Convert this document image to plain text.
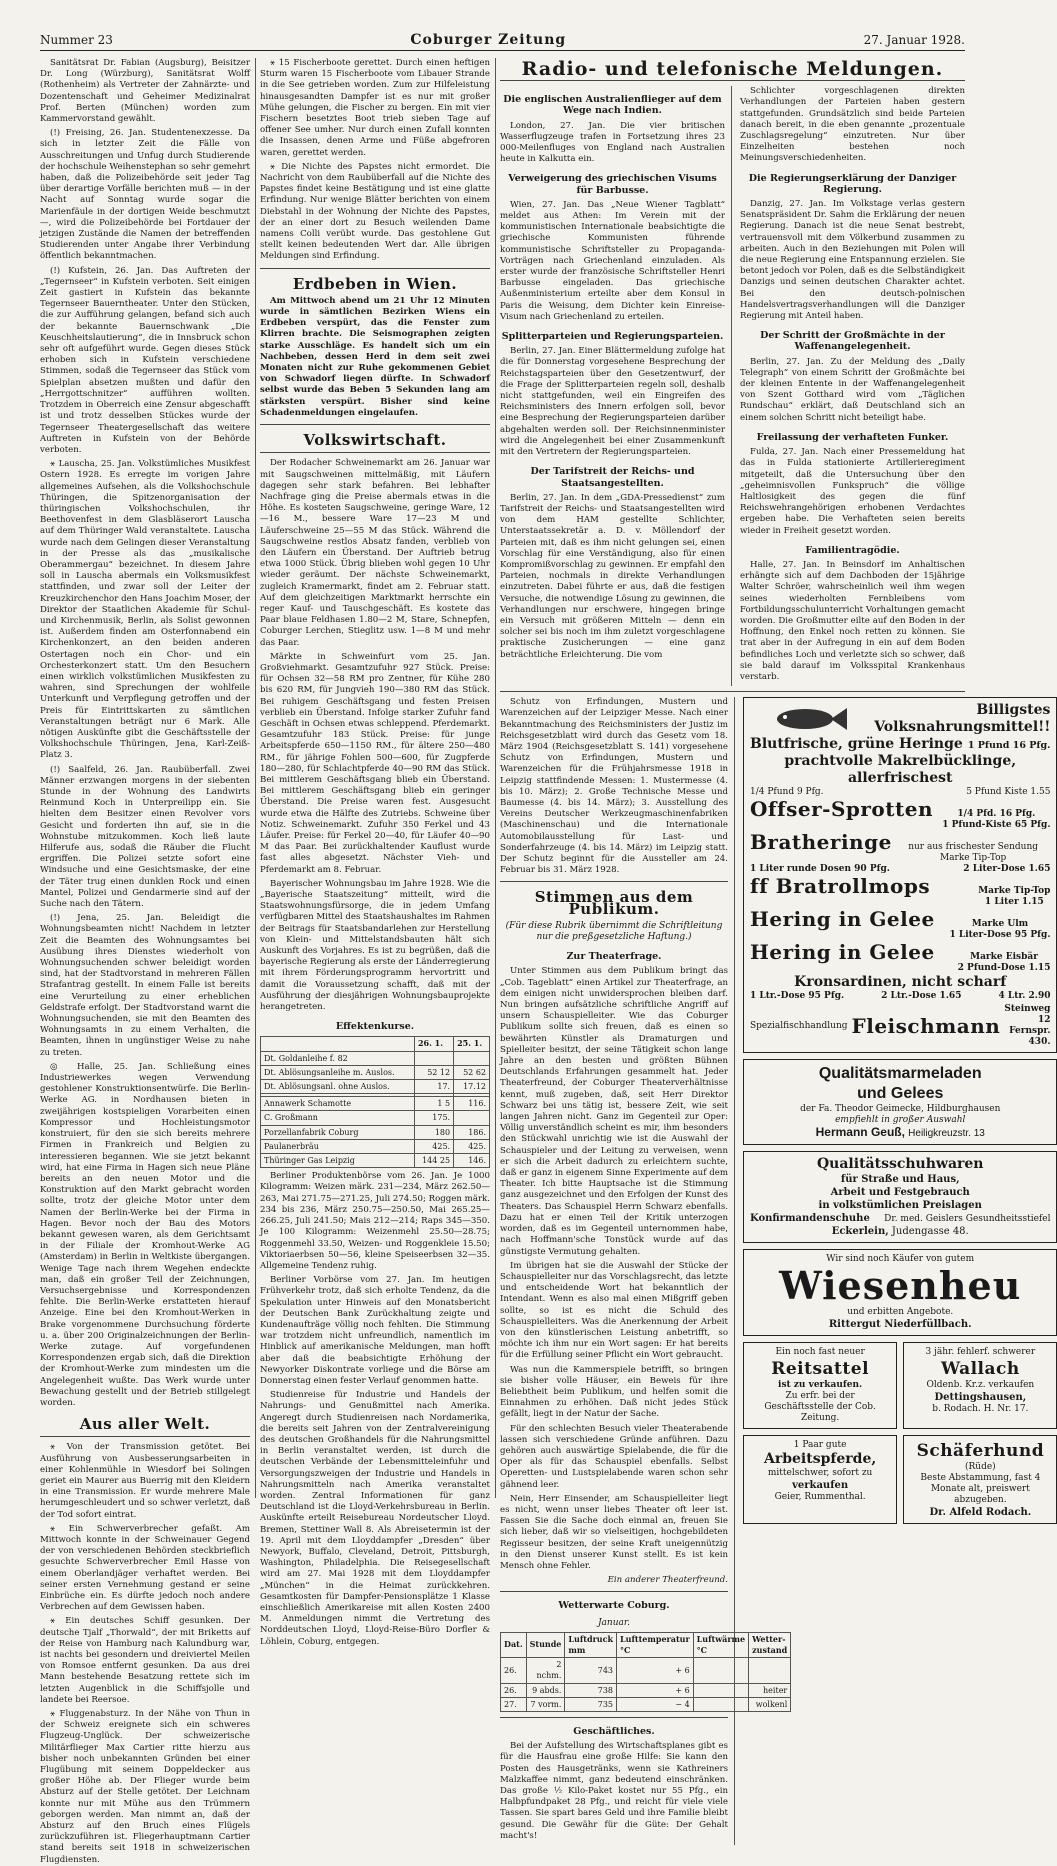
Nummer 23	Coburger Zeitung	27. Januar 1928.

Sanitätsrat Dr. Fabian (Augsburg), Beisitzer Dr. Long (Würzburg), Sanitätsrat Wolff (Rothenheim) als Vertreter der Zahnärzte- und Dozentenschaft und Geheimer Medizinalrat Prof. Berten (München) worden zum Kammervorstand gewählt.

(!) Freising, 26. Jan. Studentenexzesse. Da sich in letzter Zeit die Fälle von Ausschreitungen und Unfug durch Studierende der hochschule Weihenstephan so sehr gemehrt haben, daß die Polizeibehörde seit jeder Tag über derartige Vorfälle berichten muß — in der Nacht auf Sonntag wurde sogar die Marienfäule in der dortigen Weide beschmutzt —, wird die Polizeibehörde bei Fortdauer der jetzigen Zustände die Namen der betreffenden Studierenden unter Angabe ihrer Verbindung öffentlich bekanntmachen.

(!) Kufstein, 26. Jan. Das Auftreten der „Tegernseer“ in Kufstein verboten. Seit einigen Zeit gastiert in Kufstein das bekannte Tegernseer Bauerntheater. Unter den Stücken, die zur Aufführung gelangen, befand sich auch der bekannte Bauernschwank „Die Keuschheitslautierung“, die in Innsbruck schon sehr oft aufgeführt wurde. Gegen dieses Stück erhoben sich in Kufstein verschiedene Stimmen, sodaß die Tegernseer das Stück vom Spielplan absetzen mußten und dafür den „Herrgottschnitzer“ aufführen wollten. Trotzdem in Oberreich eine Zensur abgeschafft ist und trotz desselben Stückes wurde der Tegernseer Theatergesellschaft das weitere Auftreten in Kufstein von der Behörde verboten.

⚹ Lauscha, 25. Jan. Volkstümliches Musikfest Ostern 1928. Es erregte im vorigen Jahre allgemeines Aufsehen, als die Volkshochschule Thüringen, die Spitzenorganisation der thüringischen Volkshochschulen, ihr Beethovenfest in dem Glasbläserort Lauscha auf dem Thüringer Wald veranstaltete. Lauscha wurde nach dem Gelingen dieser Veranstaltung in der Presse als das „musikalische Oberammergau“ bezeichnet. In diesem Jahre soll in Lauscha abermals ein Volksmusikfest stattfinden, und zwar soll der Leiter der Kreuzkirchenchor den Hans Joachim Moser, der Direktor der Staatlichen Akademie für Schul- und Kirchenmusik, Berlin, als Solist gewonnen ist. Außerdem finden am Osterfonnabend ein Kirchenkonzert, an den beiden anderen Ostertagen noch ein Chor- und ein Orchesterkonzert statt. Um den Besuchern einen wirklich volkstümlichen Musikfesten zu wahren, sind Sprechungen der wohlfeile Unterkunft und Verpflegung getroffen und der Preis für Eintrittskarten zu sämtlichen Veranstaltungen beträgt nur 6 Mark. Alle nötigen Auskünfte gibt die Geschäftsstelle der Volkshochschule Thüringen, Jena, Karl-Zeiß-Platz 3.

(!) Saalfeld, 26. Jan. Raubüberfall. Zwei Männer erzwangen morgens in der siebenten Stunde in der Wohnung des Landwirts Reinmund Koch in Unterpreilipp ein. Sie hielten dem Besitzer einen Revolver vors Gesicht und forderten ihn auf, sie in die Wohnstube mitzukommen. Koch ließ laute Hilferufe aus, sodaß die Räuber die Flucht ergriffen. Die Polizei setzte sofort eine Windsuche und eine Gesichtsmaske, der eine der Täter trug einen dunklen Rock und einen Mantel, Polizei und Gendarmerie sind auf der Suche nach den Tätern.

(!) Jena, 25. Jan. Beleidigt die Wohnungsbeamten nicht! Nachdem in letzter Zeit die Beamten des Wohnungsamtes bei Ausübung ihres Dienstes wiederholt von Wohnungsuchenden schwer beleidigt worden sind, hat der Stadtvorstand in mehreren Fällen Strafantrag gestellt. In einem Falle ist bereits eine Verurteilung zu einer erheblichen Geldstrafe erfolgt. Der Stadtvorstand warnt die Wohnungsuchenden, sie mit den Beamten des Wohnungsamts in zu einem Verhalten, die Beamten, ihnen in ungünstiger Weise zu nahe zu treten.

◎ Halle, 25. Jan. Schließung eines Industriewerkes wegen Verwendung gestohlener Konstruktionsentwürfe. Die Berlin-Werke AG. in Nordhausen bieten in zweijährigen kostspieligen Vorarbeiten einen Kompressor und Hochleistungsmotor konstruiert, für den sie sich bereits mehrere Firmen in Frankreich und Belgien zu interessieren begannen. Wie sie jetzt bekannt wird, hat eine Firma in Hagen sich neue Pläne bereits an den neuen Motor und die Konstruktion auf den Markt gebracht worden sollte, trotz der gleiche Motor unter dem Namen der Berlin-Werke bei der Firma in Hagen. Bevor noch der Bau des Motors bekannt gewesen waren, als dem Gerichtsamt in der Filiale der Kromhout-Werke AG (Amsterdam) in Berlin in Weltkiste übergangen. Wenige Tage nach ihrem Wegehen endeckte man, daß ein großer Teil der Zeichnungen, Versuchsergebnisse und Korrespondenzen fehlte. Die Berlin-Werke erstatteten hierauf Anzeige. Eine bei den Kromhout-Werken in Brake vorgenommene Durchsuchung förderte u. a. über 200 Originalzeichnungen der Berlin-Werke zutage. Auf vorgefundenen Korrespondenzen ergab sich, daß die Direktion der Kromhout-Werke zum mindesten um die Angelegenheit wußte. Das Werk wurde unter Bewachung gestellt und der Betrieb stillgelegt worden.

Aus aller Welt.

⚹ Von der Transmission getötet. Bei Ausführung von Ausbesserungsarbeiten in einer Kohlenmühle in Wiesdorf bei Solingen geriet ein Maurer aus Buerrig mit den Kleidern in eine Transmission. Er wurde mehrere Male herumgeschleudert und so schwer verletzt, daß der Tod sofort eintrat.

⚹ Ein Schwerverbrecher gefaßt. Am Mittwoch konnte in der Schweinauer Gegend der von verschiedenen Behörden steckbrieflich gesuchte Schwerverbrecher Emil Hasse von einem Oberlandjäger verhaftet werden. Bei seiner ersten Vernehmung gestand er seine Einbrüche ein. Es dürfte jedoch noch andere Verbrechen auf dem Gewissen haben.

⚹ Ein deutsches Schiff gesunken. Der deutsche Tjalf „Thorwald“, der mit Briketts auf der Reise von Hamburg nach Kalundburg war, ist nachts bei gesondern und dreiviertel Meilen von Romsoe entfernt gesunken. Da aus drei Mann bestehende Besatzung rettete sich im letzten Augenblick in die Schiffsjolle und landete bei Reersoe.

⚹ Fluggenabsturz. In der Nähe von Thun in der Schweiz ereignete sich ein schweres Flugzeug-Unglück. Der schweizerische Militärflieger Max Cartier ritte hierzu aus bisher noch unbekannten Gründen bei einer Flugübung mit seinem Doppeldecker aus großer Höhe ab. Der Flieger wurde beim Absturz auf der Stelle getötet. Der Leichnam konnte nur mit Mühe aus den Trümmern geborgen werden. Man nimmt an, daß der Absturz auf den Bruch eines Flügels zurückzuführen ist. Fliegerhauptmann Cartier stand bereits seit 1918 in schweizerischen Flugdiensten.

⚹ 15 Fischerboote gerettet. Durch einen heftigen Sturm waren 15 Fischerboote vom Libauer Strande in die See getrieben worden. Zum zur Hilfeleistung hinausgesandten Dampfer ist es nur mit großer Mühe gelungen, die Fischer zu bergen. Ein mit vier Fischern besetztes Boot trieb sieben Tage auf offener See umher. Nur durch einen Zufall konnten die Insassen, denen Arme und Füße abgefroren waren, gerettet werden.

⚹ Die Nichte des Papstes nicht ermordet. Die Nachricht von dem Raubüberfall auf die Nichte des Papstes findet keine Bestätigung und ist eine glatte Erfindung. Nur wenige Blätter berichten von einem Diebstahl in der Wohnung der Nichte des Papstes, der an einer dort zu Besuch weilenden Dame namens Colli verübt wurde. Das gestohlene Gut stellt keinen bedeutenden Wert dar. Alle übrigen Meldungen sind Erfindung.

Erdbeben in Wien.

Am Mittwoch abend um 21 Uhr 12 Minuten wurde in sämtlichen Bezirken Wiens ein Erdbeben verspürt, das die Fenster zum Klirren brachte. Die Seismographen zeigten starke Ausschläge. Es handelt sich um ein Nachbeben, dessen Herd in dem seit zwei Monaten nicht zur Ruhe gekommenen Gebiet von Schwadorf liegen dürfte. In Schwadorf selbst wurde das Beben 5 Sekunden lang am stärksten verspürt. Bisher sind keine Schadenmeldungen eingelaufen.

Volkswirtschaft.

Der Rodacher Schweinemarkt am 26. Januar war mit Saugschweinen mittelmäßig, mit Läufern dagegen sehr stark befahren. Bei lebhafter Nachfrage ging die Preise abermals etwas in die Höhe. Es kosteten Saugschweine, geringe Ware, 12—16 M., bessere Ware 17—23 M und Läuferschweine 25—55 M das Stück. Während die Saugschweine restlos Absatz fanden, verblieb von den Läufern ein Überstand. Der Auftrieb betrug etwa 1000 Stück. Übrig blieben wohl gegen 10 Uhr wieder geräumt. Der nächste Schweinemarkt, zugleich Kramermarkt, findet am 2. Februar statt. Auf dem gleichzeitigen Marktmarkt herrschte ein reger Kauf- und Tauschgeschäft. Es kostete das Paar blaue Feldhasen 1.80—2 M, Stare, Schnepfen, Coburger Lerchen, Stieglitz usw. 1—8 M und mehr das Paar.

Märkte in Schweinfurt vom 25. Jan. Großviehmarkt. Gesamtzufuhr 927 Stück. Preise: für Ochsen 32—58 RM pro Zentner, für Kühe 280 bis 620 RM, für Jungvieh 190—380 RM das Stück. Bei ruhigem Geschäftsgang und festen Preisen verblieb ein Überstand. Infolge starker Zufuhr fand Geschäft in Ochsen etwas schleppend. Pferdemarkt. Gesamtzufuhr 183 Stück. Preise: für junge Arbeitspferde 650—1150 RM., für ältere 250—480 RM., für jährige Fohlen 500—600, für Zugpferde 180—280, für Schlachtpferde 40—90 RM das Stück. Bei mittlerem Geschäftsgang blieb ein Überstand. Bei mittlerem Geschäftsgang blieb ein geringer Überstand. Die Preise waren fest. Ausgesucht wurde etwa die Hälfte des Zutriebs. Schweine über Notiz. Schweinemarkt. Zufuhr 350 Ferkel und 43 Läufer. Preise: für Ferkel 20—40, für Läufer 40—90 M das Paar. Bei zurückhaltender Kauflust wurde fast alles abgesetzt. Nächster Vieh- und Pferdemarkt am 8. Februar.

Bayerischer Wohnungsbau im Jahre 1928. Wie die „Bayerische Staatszeitung“ mitteilt, wird die Staatswohnungsfürsorge, die in jedem Umfang verfügbaren Mittel des Staatshaushaltes im Rahmen der Beitrags für Staatsbandarlehen zur Herstellung von Klein- und Mittelstandsbauten hält sich Auskunft des Vorjahres. Es ist zu begrüßen, daß die bayerische Regierung als erste der Länderregierung mit ihrem Förderungsprogramm hervortritt und damit die Voraussetzung schafft, daß mit der Ausführung der diesjährigen Wohnungsbauprojekte herangetreten.

Effektenkurse.
	26. 1.	25. 1.
Dt. Goldanleihe f. 82		
Dt. Ablösungsanleihe m. Auslos.	52 12	52 62
Dt. Ablösungsanl. ohne Auslos.	17.	17.12

Annawerk Schamotte	1 5	116.
C. Großmann	175.	
Porzellanfabrik Coburg	180	186.
Paulanerbräu	425.	425.
Thüringer Gas Leipzig	144 25	146.

Berliner Produktenbörse vom 26. Jan. Je 1000 Kilogramm: Weizen märk. 231—234, März 262.50—263, Mai 271.75—271.25, Juli 274.50; Roggen märk. 234 bis 236, März 250.75—250.50, Mai 265.25—266.25, Juli 241.50; Mais 212—214; Raps 345—350. Je 100 Kilogramm: Weizenmehl 25.50—28.75; Roggenmehl 33.50, Weizen- und Roggenkleie 15.50; Viktoriaerbsen 50—56, kleine Speiseerbsen 32—35. Allgemeine Tendenz ruhig.

Berliner Vorbörse vom 27. Jan. Im heutigen Frühverkehr trotz, daß sich erholte Tendenz, da die Spekulation unter Hinweis auf den Monatsbericht der Deutschen Bank Zurückhaltung zeigte und Kundenaufträge völlig noch fehlten. Die Stimmung war trotzdem nicht unfreundlich, namentlich im Hinblick auf amerikanische Meldungen, man hofft aber daß die beabsichtigte Erhöhung der Newyorker Diskontrate vorliege und die Börse am Donnerstag einen fester Verlauf genommen hatte.

Studienreise für Industrie und Handels der Nahrungs- und Genußmittel nach Amerika. Angeregt durch Studienreisen nach Nordamerika, die bereits seit Jahren von der Zentralvereinigung des deutschen Großhandels für die Nahrungsmittel in Berlin veranstaltet werden, ist durch die deutschen Verbände der Lebensmitteleinfuhr und Versorgungszweigen der Industrie und Handels in Nahrungsmitteln nach Amerika veranstaltet worden. Zentral Informationen für ganz Deutschland ist die Lloyd-Verkehrsbureau in Berlin. Auskünfte erteilt Reisebureau Nordeutscher Lloyd. Bremen, Stettiner Wall 8. Als Abreisetermin ist der 19. April mit dem Lloyddampfer „Dresden“ über Newyork, Buffalo, Cleveland, Detroit, Pittsburgh, Washington, Philadelphia. Die Reisegesellschaft wird am 27. Mai 1928 mit dem Lloyddampfer „München“ in die Heimat zurückkehren. Gesamtkosten für Dampfer-Pensionsplätze 1 Klasse einschließlich Amerikareise mit allen Kosten 2400 M. Anmeldungen nimmt die Vertretung des Norddeutschen Lloyd, Lloyd-Reise-Büro Dorfler & Löhlein, Coburg, entgegen.

Radio- und telefonische Meldungen.
Die englischen Australienflieger auf dem Wege nach Indien.

London, 27. Jan. Die vier britischen Wasserflugzeuge trafen in Fortsetzung ihres 23 000-Meilenfluges von England nach Australien heute in Kalkutta ein.

Verweigerung des griechischen Visums für Barbusse.

Wien, 27. Jan. Das „Neue Wiener Tagblatt“ meldet aus Athen: Im Verein mit der kommunistischen Internationale beabsichtigte die griechische Kommunisten führende kommunistische Schriftsteller zu Propaganda-Vorträgen nach Griechenland einzuladen. Als erster wurde der französische Schriftsteller Henri Barbusse eingeladen. Das griechische Außenministerium erteilte aber dem Konsul in Paris die Weisung, dem Dichter kein Einreise-Visum nach Griechenland zu erteilen.

Splitterparteien und Regierungsparteien.

Berlin, 27. Jan. Einer Blättermeldung zufolge hat die für Donnerstag vorgesehene Besprechung der Reichstagsparteien über den Gesetzentwurf, der die Frage der Splitterparteien regeln soll, deshalb nicht stattgefunden, weil ein Eingreifen des Reichsministers des Innern erfolgen soll, bevor eine Besprechung der Regierungsparteien darüber abgehalten werden soll. Der Reichsinnenminister wird die Angelegenheit bei einer Zusammenkunft mit den Vertretern der Regierungsparteien.

Der Tarifstreit der Reichs- und Staatsangestellten.

Berlin, 27. Jan. In dem „GDA-Pressedienst“ zum Tarifstreit der Reichs- und Staatsangestellten wird von dem HAM gestellte Schlichter, Unterstaatssekretär a. D. v. Möllendorf der Parteien mit, daß es ihm nicht gelungen sei, einen Vorschlag für eine Verständigung, also für einen Kompromißvorschlag zu gewinnen. Er empfahl den Parteien, nochmals in direkte Verhandlungen einzutreten. Dabei führte er aus, daß die festigen Versuche, die notwendige Lösung zu gewinnen, die Verhandlungen nur erschwere, hingegen bringe ein Versuch mit größeren Mitteln — denn ein solcher sei bis noch im ihm zuletzt vorgeschlagene praktische Zusicherungen — eine ganz beträchtliche Erleichterung. Die vom

Schlichter vorgeschlagenen direkten Verhandlungen der Parteien haben gestern stattgefunden. Grundsätzlich sind beide Parteien danach bereit, in die eben genannte „prozentuale Zuschlagsregelung“ einzutreten. Nur über Einzelheiten bestehen noch Meinungsverschiedenheiten.

Die Regierungserklärung der Danziger Regierung.

Danzig, 27. Jan. Im Volkstage verlas gestern Senatspräsident Dr. Sahm die Erklärung der neuen Regierung. Danach ist die neue Senat bestrebt, vertrauensvoll mit dem Völkerbund zusammen zu arbeiten. Auch in den Beziehungen mit Polen will die neue Regierung eine Entspannung erzielen. Sie betont jedoch vor Polen, daß es die Selbständigkeit Danzigs und seinen deutschen Charakter achtet. Bei den deutsch-polnischen Handelsvertragsverhandlungen will die Danziger Regierung mit Anteil haben.

Der Schritt der Großmächte in der Waffenangelegenheit.

Berlin, 27. Jan. Zu der Meldung des „Daily Telegraph“ von einem Schritt der Großmächte bei der kleinen Entente in der Waffenangelegenheit von Szent Gotthard wird vom „Täglichen Rundschau“ erklärt, daß Deutschland sich an einem solchen Schritt nicht beteiligt habe.

Freilassung der verhafteten Funker.

Fulda, 27. Jan. Nach einer Pressemeldung hat das in Fulda stationierte Artillerieregiment mitgeteilt, daß die Untersuchung über den „geheimnisvollen Funkspruch“ die völlige Haltlosigkeit des gegen die fünf Reichswehrangehörigen erhobenen Verdachtes ergeben habe. Die Verhafteten seien bereits wieder in Freiheit gesetzt worden.

Familientragödie.

Halle, 27. Jan. In Beinsdorf im Anhaltischen erhängte sich auf dem Dachboden der 15jährige Walter Schröer, wahrscheinlich weil ihm wegen seines wiederholten Fernbleibens vom Fortbildungsschulunterricht Vorhaltungen gemacht worden. Die Großmutter eilte auf den Boden in der Hoffnung, den Enkel noch retten zu können. Sie trat aber in der Aufregung in ein auf dem Boden befindliches Loch und verletzte sich so schwer, daß sie bald darauf im Volksspital Krankenhaus verstarb.

Schutz von Erfindungen, Mustern und Warenzeichen auf der Leipziger Messe. Nach einer Bekanntmachung des Reichsministers der Justiz im Reichsgesetzblatt wird durch das Gesetz vom 18. März 1904 (Reichsgesetzblatt S. 141) vorgesehene Schutz von Erfindungen, Mustern und Warenzeichen für die Frühjahrsmesse 1918 in Leipzig stattfindende Messen: 1. Mustermesse (4. bis 10. März); 2. Große Technische Messe und Baumesse (4. bis 14. März); 3. Ausstellung des Vereins Deutscher Werkzeugmaschinenfabriken (Maschinenschau) und die Internationale Automobilausstellung für Last- und Sonderfahrzeuge (4. bis 14. März) im Leipzig statt. Der Schutz beginnt für die Aussteller am 24. Februar bis 31. März 1928.

Stimmen aus dem Publikum.
(Für diese Rubrik übernimmt die Schriftleitung nur die preßgesetzliche Haftung.)
Zur Theaterfrage.

Unter Stimmen aus dem Publikum bringt das „Cob. Tageblatt“ einen Artikel zur Theaterfrage, an dem einigen nicht unwidersprochen bleiben darf. Nun bringen aufsätzliche schriftliche Angriff auf unsern Schauspielleiter. Wie das Coburger Publikum sollte sich freuen, daß es einen so bewährten Künstler als Dramaturgen und Spielleiter besitzt, der seine Tätigkeit schon lange Jahre an den besten und größten Bühnen Deutschlands Erfahrungen gesammelt hat. Jeder Theaterfreund, der Coburger Theaterverhältnisse kennt, muß zugeben, daß, seit Herr Direktor Schwarz bei uns tätig ist, bessere Zeit, wie seit langen Jahren nicht. Ganz im Gegenteil zur Oper: Völlig unverständlich scheint es mir, ihm besonders den Stückwahl unrichtig wie ist die Auswahl der Schauspieler und der Leitung zu verweisen, wenn er sich die Arbeit dadurch zu erleichtern suchte, daß er ganz in eigenem Sinne Experimente auf dem Theater. Ich bitte Hauptsache ist die Stimmung ganz ausgezeichnet und den Erfolgen der Kunst des Theaters. Das Schauspiel Herrn Schwarz ebenfalls. Dazu hat er einen Teil der Kritik unterzogen worden, daß es im Gegenteil unternommen habe, nach Hoffmann'sche Tonstück wurde auf das günstigste Vermutung gehalten.

Im übrigen hat sie die Auswahl der Stücke der Schauspielleiter nur das Vorschlagsrecht, das letzte und entscheidende Wort hat bekanntlich der Intendant. Wenn es also mal einen Mißgriff geben sollte, so ist es nicht die Schuld des Schauspielleiters. Was die Anerkennung der Arbeit von den künstlerischen Leistung anbetrifft, so möchte ich ihm nur ein Wort sagen: Er hat bereits für die Erfüllung seiner Pflicht ein Wort gebraucht.

Was nun die Kammerspiele betrifft, so bringen sie bisher volle Häuser, ein Beweis für ihre Beliebtheit beim Publikum, und helfen somit die Einnahmen zu erhöhen. Daß nicht jedes Stück gefällt, liegt in der Natur der Sache.

Für den schlechten Besuch vieler Theaterabende lassen sich verschiedene Gründe anführen. Dazu gehören auch auswärtige Spielabende, die für die Oper als für das Schauspiel ebenfalls. Selbst Operetten- und Lustspielabende waren schon sehr gähnend leer.

Nein, Herr Einsender, am Schauspielleiter liegt es nicht, wenn unser liebes Theater oft leer ist. Fassen Sie die Sache doch einmal an, freuen Sie sich lieber, daß wir so vielseitigen, hochgebildeten Regisseur besitzen, der seine Kraft uneigennützig in den Dienst unserer Kunst stellt. Es ist kein Mensch ohne Fehler.

Ein anderer Theaterfreund.

Wetterwarte Coburg.
Januar.
Dat.	Stunde	Luftdruck mm	Lufttemperatur °C	Luftwärme °C	Wetterzustand
26.	2 nchm.	743	+ 6		
26.	9 abds.	738	+ 6		heiter
27.	7 vorm.	735	− 4		wolkenl
Geschäftliches.

Bei der Aufstellung des Wirtschaftsplanes gibt es für die Hausfrau eine große Hilfe: Sie kann den Posten des Hausgetränks, wenn sie Kathreiners Malzkaffee nimmt, ganz bedeutend einschränken. Das große ½ Kilo-Paket kostet nur 55 Pfg., ein Halbpfundpaket 28 Pfg., und reicht für viele viele Tassen. Sie spart bares Geld und ihre Familie bleibt gesund. Die Gewähr für die Güte: Der Gehalt macht's!

Billigstes
Volksnahrungsmittel!!
Blutfrische, grüne Heringe 1 Pfund 16 Pfg.
prachtvolle Makrelbücklinge, allerfrischest
1/4 Pfund 9 Pfg.	5 Pfund Kiste 1.55
Offser-Sprotten	1/4 Pfd. 16 Pfg.
1 Pfund-Kiste 65 Pfg.
Bratheringe	nur aus frischester Sendung Marke Tip-Top
1 Liter runde Dosen 90 Pfg.	2 Liter-Dose 1.65
ff Bratrollmops	Marke Tip-Top
1 Liter 1.15
Hering in Gelee	Marke Ulm
1 Liter-Dose 95 Pfg.
Hering in Gelee	Marke Eisbär
2 Pfund-Dose 1.15
Kronsardinen, nicht scharf
1 Ltr.-Dose 95 Pfg.	2 Ltr.-Dose 1.65	4 Ltr. 2.90
Spezialfischhandlung Fleischmann
Steinweg 12
Fernspr. 430.
Qualitätsmarmeladen
und Gelees
der Fa. Theodor Geimecke, Hildburghausen
empfiehlt in großer Auswahl
Hermann Geuß, Heiligkreuzstr. 13
Qualitätsschuhwaren
für Straße und Haus,
Arbeit und Festgebrauch
in volkstümlichen Preislagen
Konfirmandenschuhe Dr. med. Geislers Gesundheitsstiefel
Eckerlein, Judengasse 48.
Wir sind noch Käufer von gutem
Wiesenheu
und erbitten Angebote.
Rittergut Niederfüllbach.
Ein noch fast neuer
Reitsattel
ist zu verkaufen.
Zu erfr. bei der Geschäftsstelle der Cob. Zeitung.
3 jähr. fehlerf. schwerer
Wallach
Oldenb. Kr.z. verkaufen
Dettingshausen,
b. Rodach. H. Nr. 17.
1 Paar gute
Arbeitspferde,
mittelschwer, sofort zu
verkaufen
Geier, Rummenthal.
Schäferhund
(Rüde)
Beste Abstammung, fast 4 Monate alt, preiswert abzugeben.
Dr. Alfeld Rodach.
